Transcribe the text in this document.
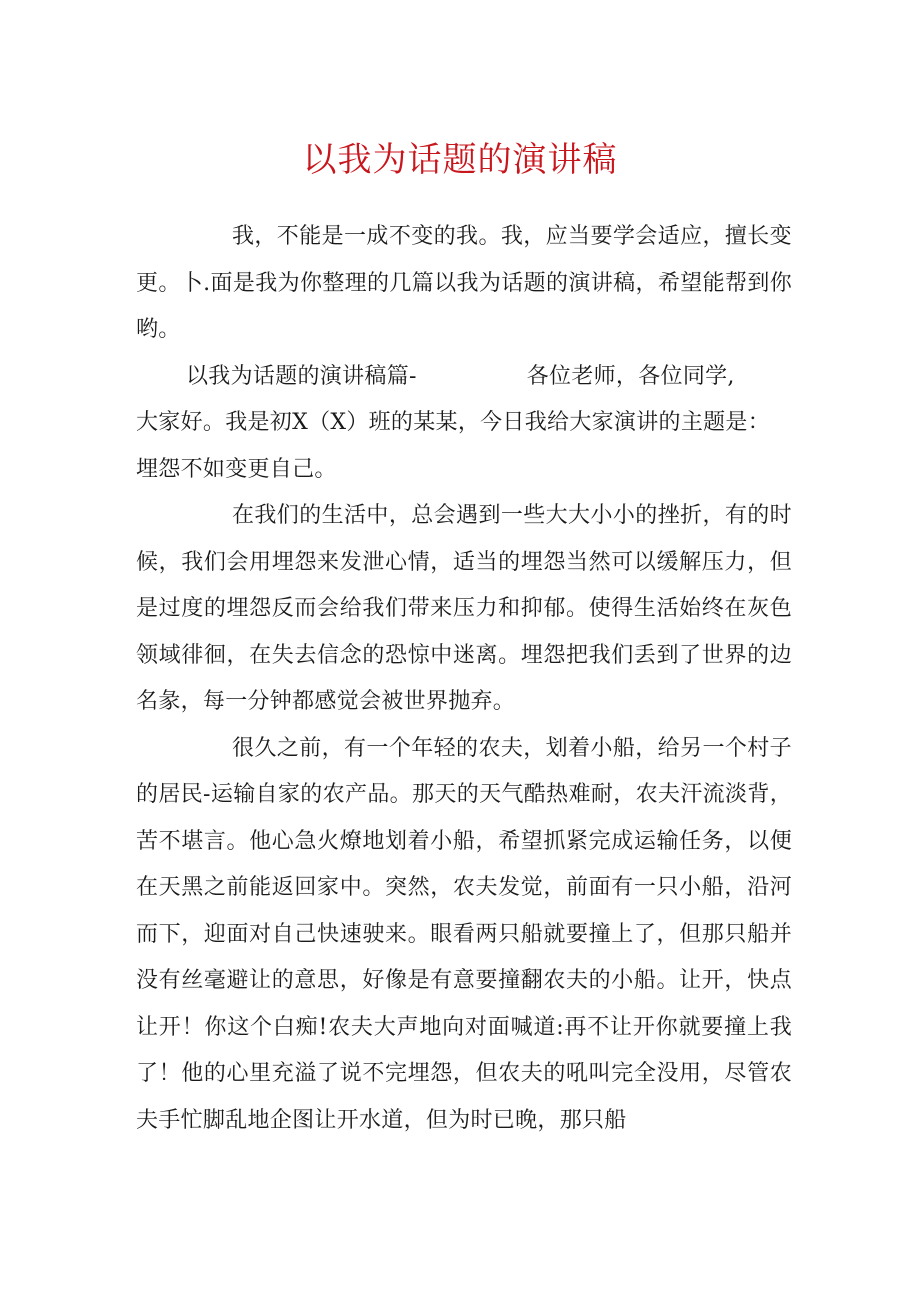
以我为话题的演讲稿

我，不能是一成不变的我。我，应当要学会适应，擅长变更。卜.面是我为你整理的几篇以我为话题的演讲稿，希望能帮到你哟。

以我为话题的演讲稿篇-	各位老师，各位同学,

大家好。我是初X（X）班的某某，今日我给大家演讲的主题是：

埋怨不如变更自己。

在我们的生活中，总会遇到一些大大小小的挫折，有的时候，我们会用埋怨来发泄心情，适当的埋怨当然可以缓解压力，但是过度的埋怨反而会给我们带来压力和抑郁。使得生活始终在灰色领域徘徊，在失去信念的恐惊中迷离。埋怨把我们丢到了世界的边名彖，每一分钟都感觉会被世界抛弃。

很久之前，有一个年轻的农夫，划着小船，给另一个村子的居民-运输自家的农产品。那天的天气酷热难耐，农夫汗流淡背，苦不堪言。他心急火燎地划着小船，希望抓紧完成运输任务，以便在天黑之前能返回家中。突然，农夫发觉，前面有一只小船，沿河而下，迎面对自己快速驶来。眼看两只船就要撞上了，但那只船并没有丝毫避让的意思，好像是有意要撞翻农夫的小船。让开，快点让开！你这个白痴!农夫大声地向对面喊道:再不让开你就要撞上我了！他的心里充溢了说不完埋怨，但农夫的吼叫完全没用，尽管农夫手忙脚乱地企图让开水道，但为时已晚，那只船
